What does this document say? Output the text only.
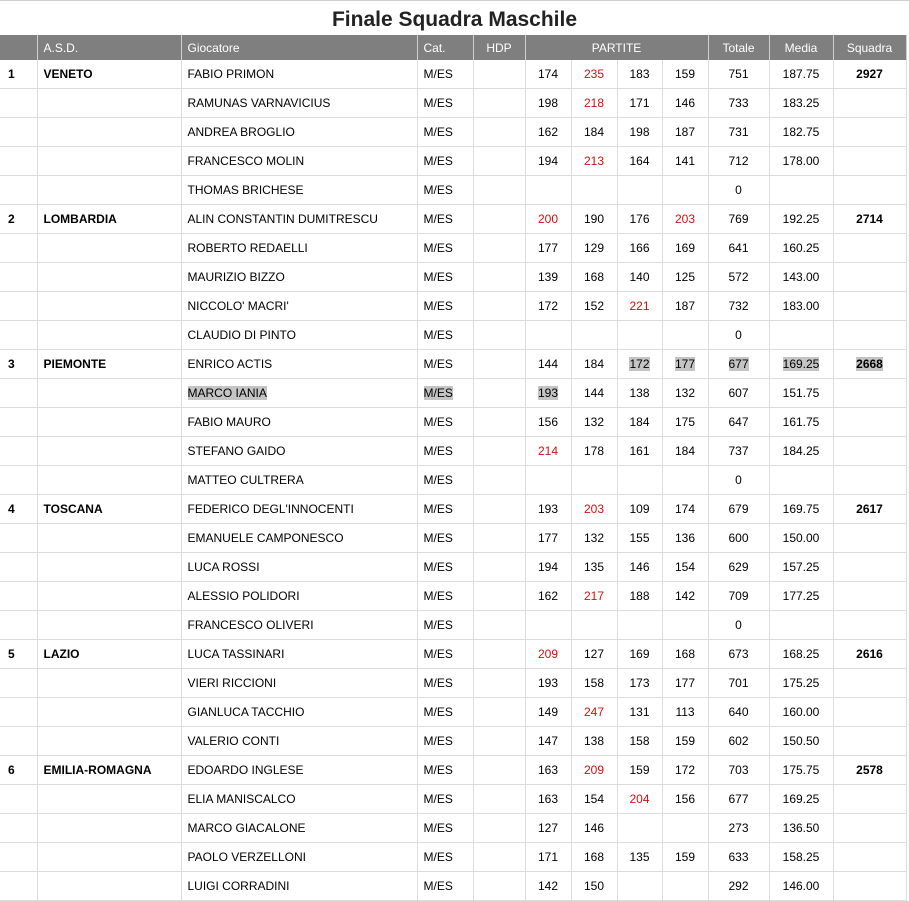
Finale Squadra Maschile
	A.S.D.	Giocatore	Cat.	HDP	PARTITE				Totale	Media	Squadra
1	VENETO	FABIO PRIMON	M/ES		174	235	183	159	751	187.75	2927
		RAMUNAS VARNAVICIUS	M/ES		198	218	171	146	733	183.25	
		ANDREA BROGLIO	M/ES		162	184	198	187	731	182.75	
		FRANCESCO MOLIN	M/ES		194	213	164	141	712	178.00	
		THOMAS BRICHESE	M/ES						0		
2	LOMBARDIA	ALIN CONSTANTIN DUMITRESCU	M/ES		200	190	176	203	769	192.25	2714
		ROBERTO REDAELLI	M/ES		177	129	166	169	641	160.25	
		MAURIZIO BIZZO	M/ES		139	168	140	125	572	143.00	
		NICCOLO' MACRI'	M/ES		172	152	221	187	732	183.00	
		CLAUDIO DI PINTO	M/ES						0		
3	PIEMONTE	ENRICO ACTIS	M/ES		144	184	172	177	677	169.25	2668
		MARCO IANIA	M/ES		193	144	138	132	607	151.75	
		FABIO MAURO	M/ES		156	132	184	175	647	161.75	
		STEFANO GAIDO	M/ES		214	178	161	184	737	184.25	
		MATTEO CULTRERA	M/ES						0		
4	TOSCANA	FEDERICO DEGL'INNOCENTI	M/ES		193	203	109	174	679	169.75	2617
		EMANUELE CAMPONESCO	M/ES		177	132	155	136	600	150.00	
		LUCA ROSSI	M/ES		194	135	146	154	629	157.25	
		ALESSIO POLIDORI	M/ES		162	217	188	142	709	177.25	
		FRANCESCO OLIVERI	M/ES						0		
5	LAZIO	LUCA TASSINARI	M/ES		209	127	169	168	673	168.25	2616
		VIERI RICCIONI	M/ES		193	158	173	177	701	175.25	
		GIANLUCA TACCHIO	M/ES		149	247	131	113	640	160.00	
		VALERIO CONTI	M/ES		147	138	158	159	602	150.50	
6	EMILIA-ROMAGNA	EDOARDO INGLESE	M/ES		163	209	159	172	703	175.75	2578
		ELIA MANISCALCO	M/ES		163	154	204	156	677	169.25	
		MARCO GIACALONE	M/ES		127	146			273	136.50	
		PAOLO VERZELLONI	M/ES		171	168	135	159	633	158.25	
		LUIGI CORRADINI	M/ES		142	150			292	146.00	
